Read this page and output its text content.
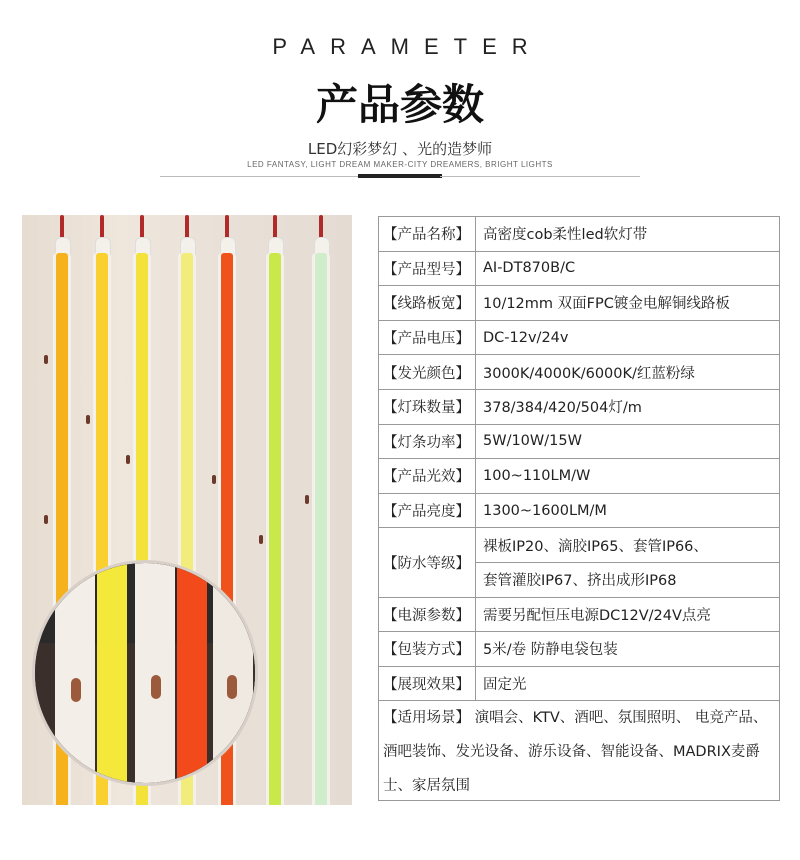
PARAMETER
产品参数
LED幻彩梦幻 、光的造梦师
LED FANTASY, LIGHT DREAM MAKER-CITY DREAMERS, BRIGHT LIGHTS
【产品名称】	高密度cob柔性led软灯带
【产品型号】	AI-DT870B/C
【线路板宽】	10/12mm 双面FPC镀金电解铜线路板
【产品电压】	DC-12v/24v
【发光颜色】	3000K/4000K/6000K/红蓝粉绿
【灯珠数量】	378/384/420/504灯/m
【灯条功率】	5W/10W/15W
【产品光效】	100~110LM/W
【产品亮度】	1300~1600LM/M
【防水等级】	裸板IP20、滴胶IP65、套管IP66、
	套管灌胶IP67、挤出成形IP68
【电源参数】	需要另配恒压电源DC12V/24V点亮
【包装方式】	5米/卷 防静电袋包装
【展现效果】	固定光
【适用场景】 演唱会、KTV、酒吧、氛围照明、 电竞产品、酒吧装饰、发光设备、游乐设备、智能设备、MADRIX麦爵士、家居氛围
